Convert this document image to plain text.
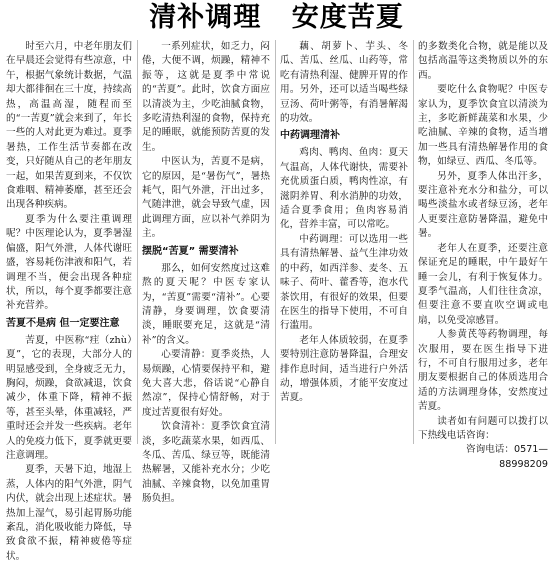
清补调理 安度苦夏

时至六月，中老年朋友们在早晨还会觉得有些凉意，中午，根据气象统计数据，气温却大都徘徊在三十度，持续高热，高温高湿，随程而至的“一苦夏”就会来到了，年长一些的人对此更为难过。夏季暑热，工作生活节奏都在改变，只好随从自己的老年朋友一起，如果苦夏到来，不仅饮食难咽、精神萎靡，甚至还会出现各种疾病。

夏季为什么要注重调理呢？中医理论认为，夏季暑湿偏盛，阳气外泄，人体代谢旺盛，容易耗伤津液和阳气，若调理不当，便会出现各种症状，所以，每个夏季都要注意补充营养。

苦夏不是病 但一定要注意

苦夏，中医称“疰（zhù）夏”，它的表现，大部分人的明显感受到，全身疲乏无力，胸闷，烦躁，食欲减退，饮食减少，体重下降，精神不振等，甚至头晕，体重减轻，严重时还会并发一些疾病。老年人的免疫力低下，夏季就更要注意调理。

夏季，天暑下迫，地湿上蒸，人体内的阳气外泄，阴气内伏，就会出现上述症状。暑热加上湿气，易引起胃肠功能紊乱，消化吸收能力降低，导致食欲不振，精神疲倦等症状。

一系列症状，如乏力，闷倦，大便不调，烦躁，精神不振等，这就是夏季中常说的“苦夏”。此时，饮食方面应以清淡为主，少吃油腻食物，多吃清热利湿的食物，保持充足的睡眠，就能预防苦夏的发生。

中医认为，苦夏不是病，它的原因，是“暑伤气”，暑热耗气，阳气外泄，汗出过多，气随津泄，就会导致气虚，因此调理方面，应以补气养阴为主。

摆脱“苦夏” 需要清补

那么，如何安然度过这难熬的夏天呢？中医专家认为，“苦夏”需要“清补”。心要清静，身要调理，饮食要清淡，睡眠要充足，这就是“清补”的含义。

心要清静：夏季炎热，人易烦躁，心情要保持平和，避免大喜大悲，俗话说“心静自然凉”，保持心情舒畅，对于度过苦夏很有好处。

饮食清补：夏季饮食宜清淡，多吃蔬菜水果，如西瓜、冬瓜、苦瓜、绿豆等，既能清热解暑，又能补充水分；少吃油腻、辛辣食物，以免加重胃肠负担。

藕、胡萝卜、芋头、冬瓜、苦瓜、丝瓜、山药等，常吃有清热利湿、健脾开胃的作用。另外，还可以适当喝些绿豆汤、荷叶粥等，有消暑解渴的功效。

中药调理清补

鸡肉、鸭肉、鱼肉：夏天气温高，人体代谢快，需要补充优质蛋白质，鸭肉性凉，有滋阴养胃、利水消肿的功效，适合夏季食用；鱼肉容易消化，营养丰富，可以常吃。

中药调理：可以选用一些具有清热解暑、益气生津功效的中药，如西洋参、麦冬、五味子、荷叶、藿香等，泡水代茶饮用，有很好的效果，但要在医生的指导下使用，不可自行滥用。

老年人体质较弱，在夏季要特别注意防暑降温，合理安排作息时间，适当进行户外活动，增强体质，才能平安度过苦夏。

的多数类化合物，就是能以及包括高温等这类物质以外的东西。

要吃什么食物呢？中医专家认为，夏季饮食宜以清淡为主，多吃新鲜蔬菜和水果，少吃油腻、辛辣的食物，适当增加一些具有清热解暑作用的食物，如绿豆、西瓜、冬瓜等。

另外，夏季人体出汗多，要注意补充水分和盐分，可以喝些淡盐水或者绿豆汤，老年人更要注意防暑降温，避免中暑。

老年人在夏季，还要注意保证充足的睡眠，中午最好午睡一会儿，有利于恢复体力。夏季气温高，人们往往贪凉，但要注意不要直吹空调或电扇，以免受凉感冒。

人参黄芪等药物调理，每次服用，要在医生指导下进行，不可自行服用过多，老年朋友要根据自己的体质选用合适的方法调理身体，安然度过苦夏。

读者如有问题可以拨打以下热线电话咨询：

咨询电话：0571—88998209
